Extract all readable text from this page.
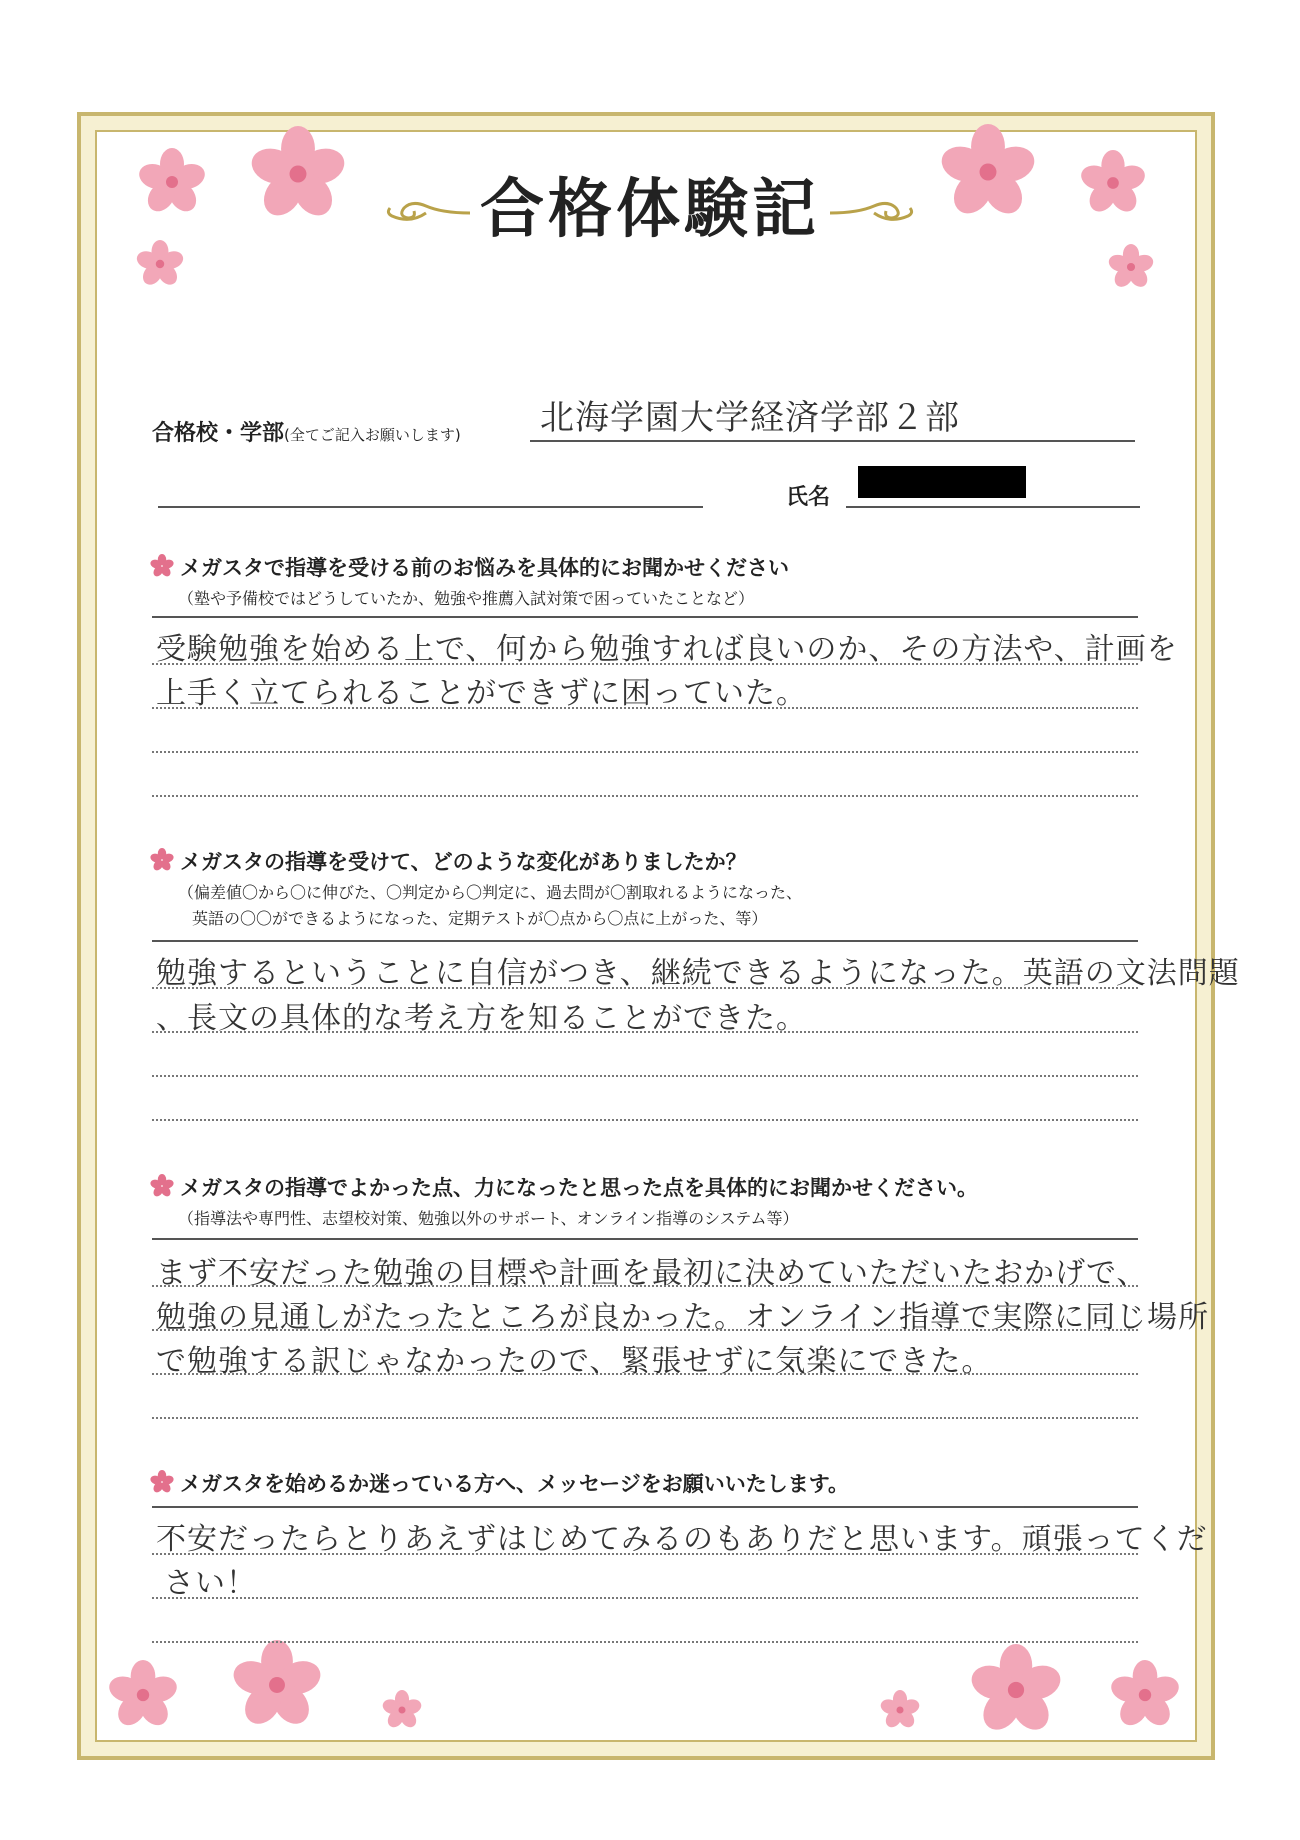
合格体験記
合格校・学部(全てご記入お願いします) 北海学園大学経済学部２部
氏名
メガスタで指導を受ける前のお悩みを具体的にお聞かせください
（塾や予備校ではどうしていたか、勉強や推薦入試対策で困っていたことなど）
受験勉強を始める上で、何から勉強すれば良いのか、その方法や、計画を
上手く立てられることができずに困っていた。
メガスタの指導を受けて、どのような変化がありましたか？
（偏差値〇から〇に伸びた、〇判定から〇判定に、過去問が〇割取れるようになった、
英語の〇〇ができるようになった、定期テストが〇点から〇点に上がった、等）
勉強するということに自信がつき、継続できるようになった。英語の文法問題
、長文の具体的な考え方を知ることができた。
メガスタの指導でよかった点、力になったと思った点を具体的にお聞かせください。
（指導法や専門性、志望校対策、勉強以外のサポート、オンライン指導のシステム等）
まず不安だった勉強の目標や計画を最初に決めていただいたおかげで、
勉強の見通しがたったところが良かった。オンライン指導で実際に同じ場所
で勉強する訳じゃなかったので、緊張せずに気楽にできた。
メガスタを始めるか迷っている方へ、メッセージをお願いいたします。
不安だったらとりあえずはじめてみるのもありだと思います。頑張ってくだ
さい！
